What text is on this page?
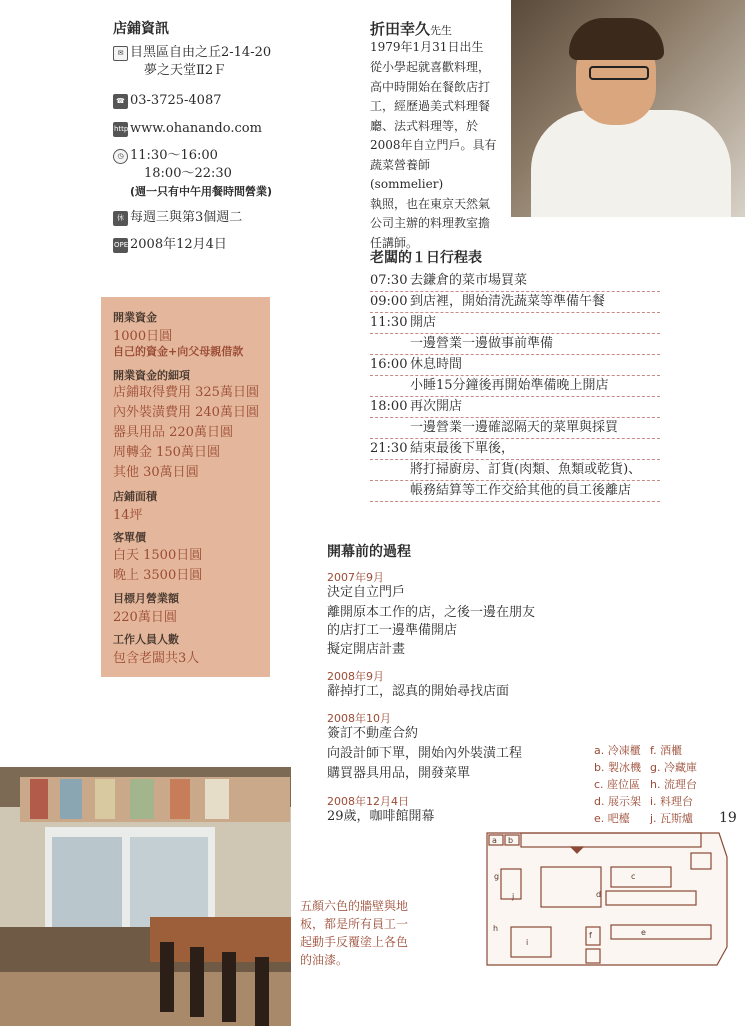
店鋪資訊
✉ 目黑區自由之丘2-14-20
夢之天堂Ⅱ2Ｆ
☎ 03-3725-4087
http www.ohanando.com
◷ 11:30～16:00
18:00～22:30
(週一只有中午用餐時間營業)
休 每週三與第3個週二
OPEN
2008年12月4日
折田幸久先生
1979年1月31日出生
從小學起就喜歡料理，
高中時開始在餐飲店打
工，經歷過美式料理餐
廳、法式料理等，於
2008年自立門戶。具有
蔬菜營養師(sommelier)
執照，也在東京天然氣
公司主辦的料理教室擔
任講師。
老闆的１日行程表
07:30 去鎌倉的菜市場買菜
09:00 到店裡，開始清洗蔬菜等準備午餐
11:30 開店
一邊營業一邊做事前準備
16:00 休息時間
小睡15分鐘後再開始準備晚上開店
18:00 再次開店
一邊營業一邊確認隔天的菜單與採買
21:30 結束最後下單後，
將打掃廚房、訂貨(肉類、魚類或乾貨)、
帳務結算等工作交給其他的員工後離店
開業資金
1000日圓
自己的資金+向父母親借款
開業資金的細項
店鋪取得費用 325萬日圓
內外裝潢費用 240萬日圓
器具用品 220萬日圓
周轉金 150萬日圓
其他 30萬日圓
店鋪面積
14坪
客單價
白天 1500日圓
晚上 3500日圓
目標月營業額
220萬日圓
工作人員人數
包含老闆共3人
開幕前的過程
2007年9月
決定自立門戶
離開原本工作的店，之後一邊在朋友
的店打工一邊準備開店
擬定開店計畫
2008年9月
辭掉打工，認真的開始尋找店面
2008年10月
簽訂不動產合約
向設計師下單，開始內外裝潢工程
購買器具用品，開發菜單
2008年12月4日
29歲，咖啡館開幕
a. 冷凍櫃 f. 酒櫃
b. 製冰機 g. 冷藏庫
c. 座位區 h. 流理台
d. 展示架 i. 料理台
e. 吧檯 j. 瓦斯爐 19
五顏六色的牆壁與地
板，都是所有員工一
起動手反覆塗上各色
的油漆。
a b
c
d
e
f
g
h
i
j
